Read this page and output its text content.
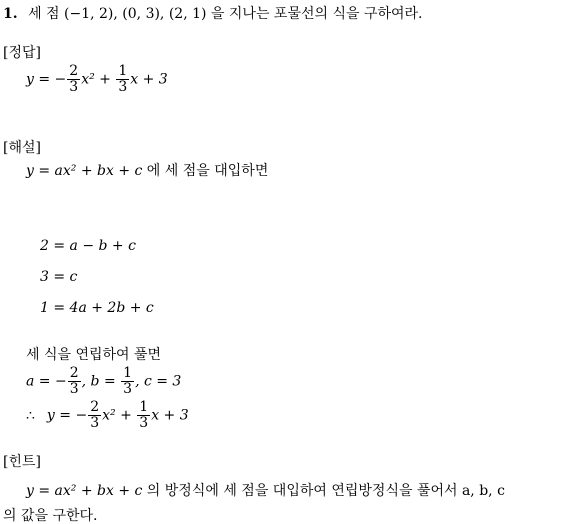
1. 세 점 (−1, 2), (0, 3), (2, 1) 을 지나는 포물선의 식을 구하여라.
[정답]
y = − $\frac{2}{3} x^2 + \frac{1}{3}$ x + 3
[해설]
y = ax² + bx + c 에 세 점을 대입하면
2 = a − b + c
3 = c
1 = 4a + 2b + c
세 식을 연립하여 풀면
a = − $\frac{2}{3}$ , $b = \frac{1}{3}$ , c = 3
∴ y = − $\frac{2}{3} x^2 + \frac{1}{3}$ x + 3
[힌트]
y = ax² + bx + c 의 방정식에 세 점을 대입하여 연립방정식을 풀어서 a, b, c
의 값을 구한다.
